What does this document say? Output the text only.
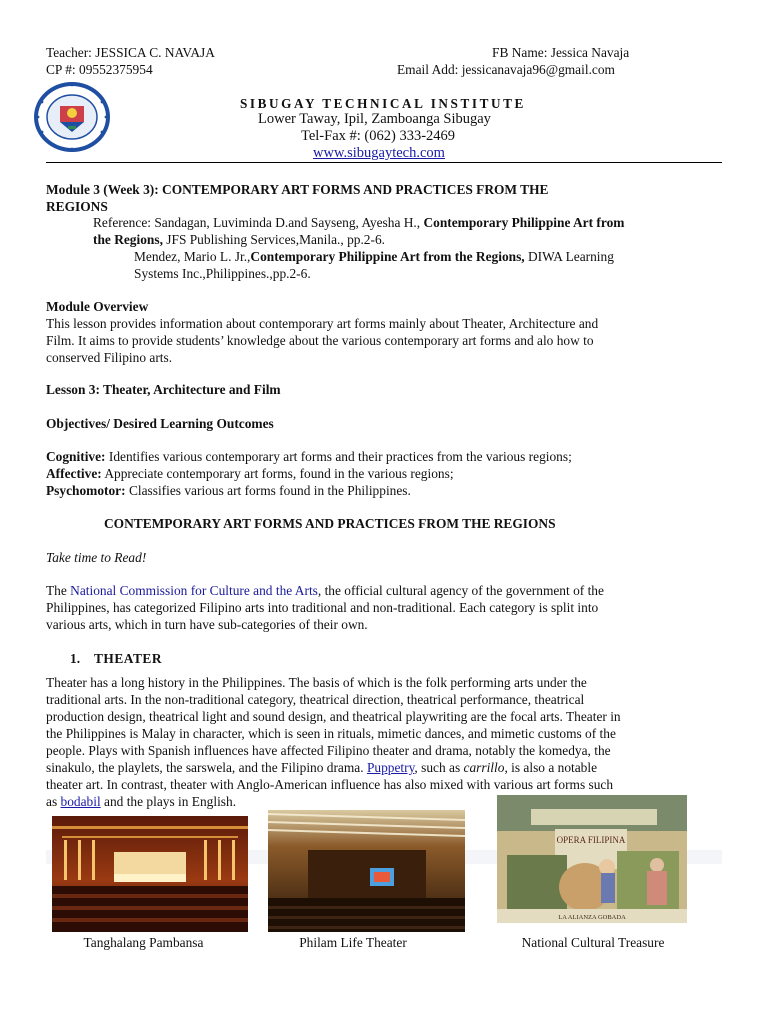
Teacher: JESSICA C. NAVAJA	FB Name: Jessica Navaja
CP #: 09552375954	Email Add: jessicanavaja96@gmail.com
SIBUGAY TECHNICAL INSTITUTE
Lower Taway, Ipil, Zamboanga Sibugay
Tel-Fax #: (062) 333-2469
www.sibugaytech.com
Module 3 (Week 3): CONTEMPORARY ART FORMS AND PRACTICES FROM THE
REGIONS
Reference: Sandagan, Luviminda D.and Sayseng, Ayesha H., Contemporary Philippine Art from
the Regions, JFS Publishing Services,Manila., pp.2-6.
Mendez, Mario L. Jr.,Contemporary Philippine Art from the Regions, DIWA Learning
Systems Inc.,Philippines.,pp.2-6.
Module Overview
This lesson provides information about contemporary art forms mainly about Theater, Architecture and
Film. It aims to provide students’ knowledge about the various contemporary art forms and alo how to
conserved Filipino arts.
Lesson 3: Theater, Architecture and Film
Objectives/ Desired Learning Outcomes
Cognitive: Identifies various contemporary art forms and their practices from the various regions;
Affective: Appreciate contemporary art forms, found in the various regions;
Psychomotor: Classifies various art forms found in the Philippines.
CONTEMPORARY ART FORMS AND PRACTICES FROM THE REGIONS
Take time to Read!
The National Commission for Culture and the Arts, the official cultural agency of the government of the
Philippines, has categorized Filipino arts into traditional and non-traditional. Each category is split into
various arts, which in turn have sub-categories of their own.
1. THEATER
Theater has a long history in the Philippines. The basis of which is the folk performing arts under the
traditional arts. In the non-traditional category, theatrical direction, theatrical performance, theatrical
production design, theatrical light and sound design, and theatrical playwriting are the focal arts. Theater in
the Philippines is Malay in character, which is seen in rituals, mimetic dances, and mimetic customs of the
people. Plays with Spanish influences have affected Filipino theater and drama, notably the komedya, the
sinakulo, the playlets, the sarswela, and the Filipino drama. Puppetry, such as carrillo, is also a notable
theater art. In contrast, theater with Anglo-American influence has also mixed with various art forms such
as bodabil and the plays in English.
Tanghalang Pambansa	Philam Life Theater
OPERA FILIPINA
LA ALIANZA GOBADA
National Cultural Treasure
